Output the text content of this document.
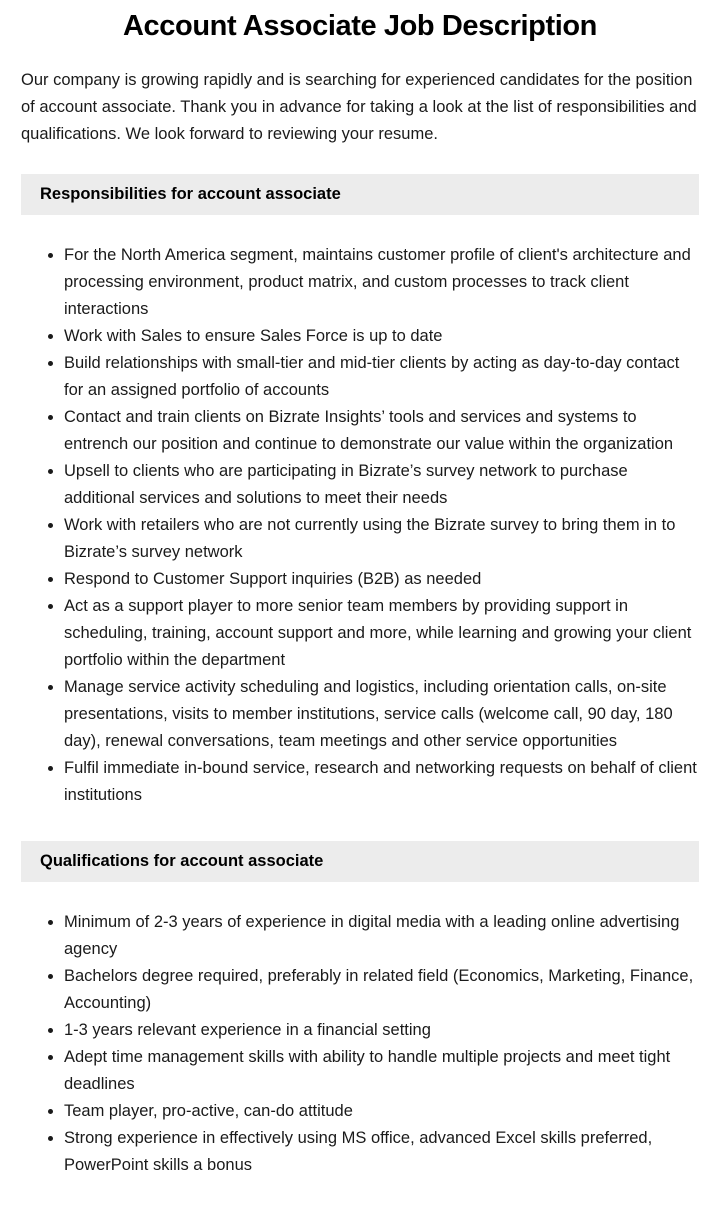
Account Associate Job Description

Our company is growing rapidly and is searching for experienced candidates for the position of account associate. Thank you in advance for taking a look at the list of responsibilities and qualifications. We look forward to reviewing your resume.

Responsibilities for account associate
• For the North America segment, maintains customer profile of client's architecture and processing environment, product matrix, and custom processes to track client interactions
• Work with Sales to ensure Sales Force is up to date
• Build relationships with small-tier and mid-tier clients by acting as day-to-day contact for an assigned portfolio of accounts
• Contact and train clients on Bizrate Insights’ tools and services and systems to entrench our position and continue to demonstrate our value within the organization
• Upsell to clients who are participating in Bizrate’s survey network to purchase additional services and solutions to meet their needs
• Work with retailers who are not currently using the Bizrate survey to bring them in to Bizrate’s survey network
• Respond to Customer Support inquiries (B2B) as needed
• Act as a support player to more senior team members by providing support in scheduling, training, account support and more, while learning and growing your client portfolio within the department
• Manage service activity scheduling and logistics, including orientation calls, on-site presentations, visits to member institutions, service calls (welcome call, 90 day, 180 day), renewal conversations, team meetings and other service opportunities
• Fulfil immediate in-bound service, research and networking requests on behalf of client institutions
Qualifications for account associate
• Minimum of 2-3 years of experience in digital media with a leading online advertising agency
• Bachelors degree required, preferably in related field (Economics, Marketing, Finance, Accounting)
• 1-3 years relevant experience in a financial setting
• Adept time management skills with ability to handle multiple projects and meet tight deadlines
• Team player, pro-active, can-do attitude
• Strong experience in effectively using MS office, advanced Excel skills preferred, PowerPoint skills a bonus
